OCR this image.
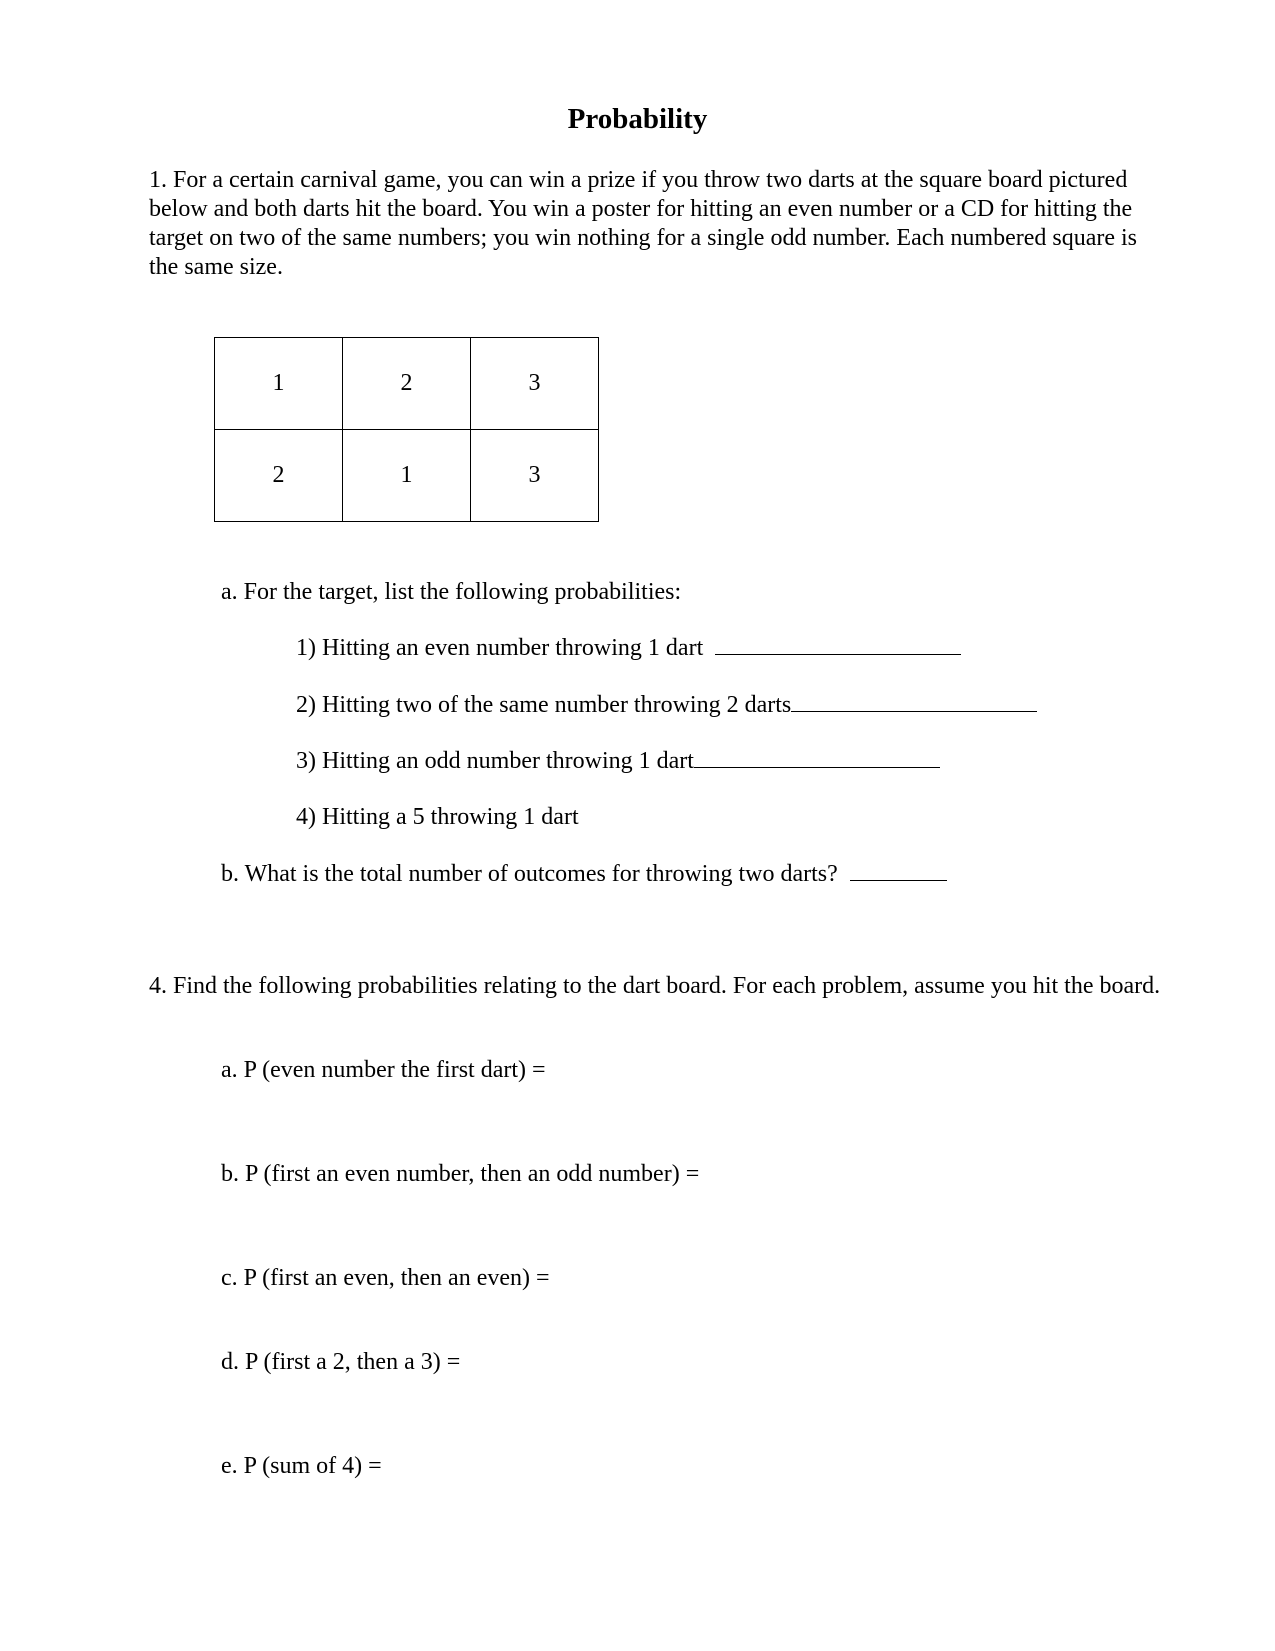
Probability

1. For a certain carnival game, you can win a prize if you throw two darts at the square board pictured below and both darts hit the board. You win a poster for hitting an even number or a CD for hitting the target on two of the same numbers; you win nothing for a single odd number. Each numbered square is the same size.

1	2	3
2	1	3
a. For the target, list the following probabilities:
1) Hitting an even number throwing 1 dart
2) Hitting two of the same number throwing 2 darts
3) Hitting an odd number throwing 1 dart
4) Hitting a 5 throwing 1 dart
b. What is the total number of outcomes for throwing two darts?

4. Find the following probabilities relating to the dart board. For each problem, assume you hit the board.

a. P (even number the first dart) =
b. P (first an even number, then an odd number) =
c. P (first an even, then an even) =
d. P (first a 2, then a 3) =
e. P (sum of 4) =
